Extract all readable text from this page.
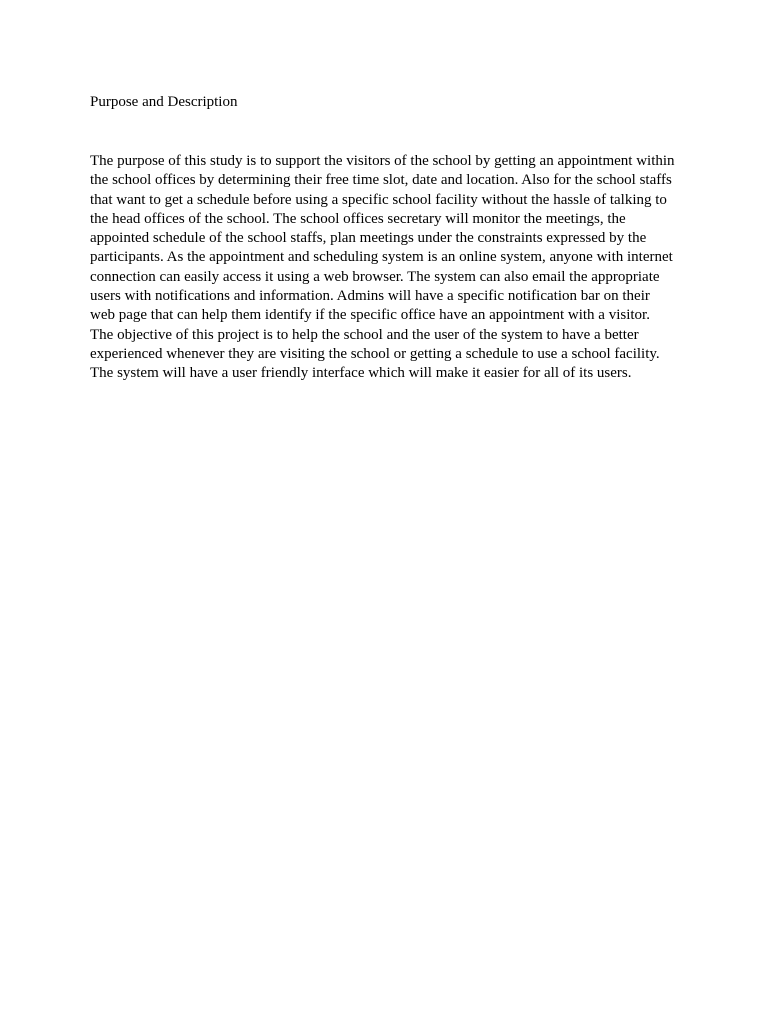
Purpose and Description

The purpose of this study is to support the visitors of the school by getting an appointment within
the school offices by determining their free time slot, date and location. Also for the school staffs
that want to get a schedule before using a specific school facility without the hassle of talking to
the head offices of the school. The school offices secretary will monitor the meetings, the
appointed schedule of the school staffs, plan meetings under the constraints expressed by the
participants. As the appointment and scheduling system is an online system, anyone with internet
connection can easily access it using a web browser. The system can also email the appropriate
users with notifications and information. Admins will have a specific notification bar on their
web page that can help them identify if the specific office have an appointment with a visitor.
The objective of this project is to help the school and the user of the system to have a better
experienced whenever they are visiting the school or getting a schedule to use a school facility.
The system will have a user friendly interface which will make it easier for all of its users.
